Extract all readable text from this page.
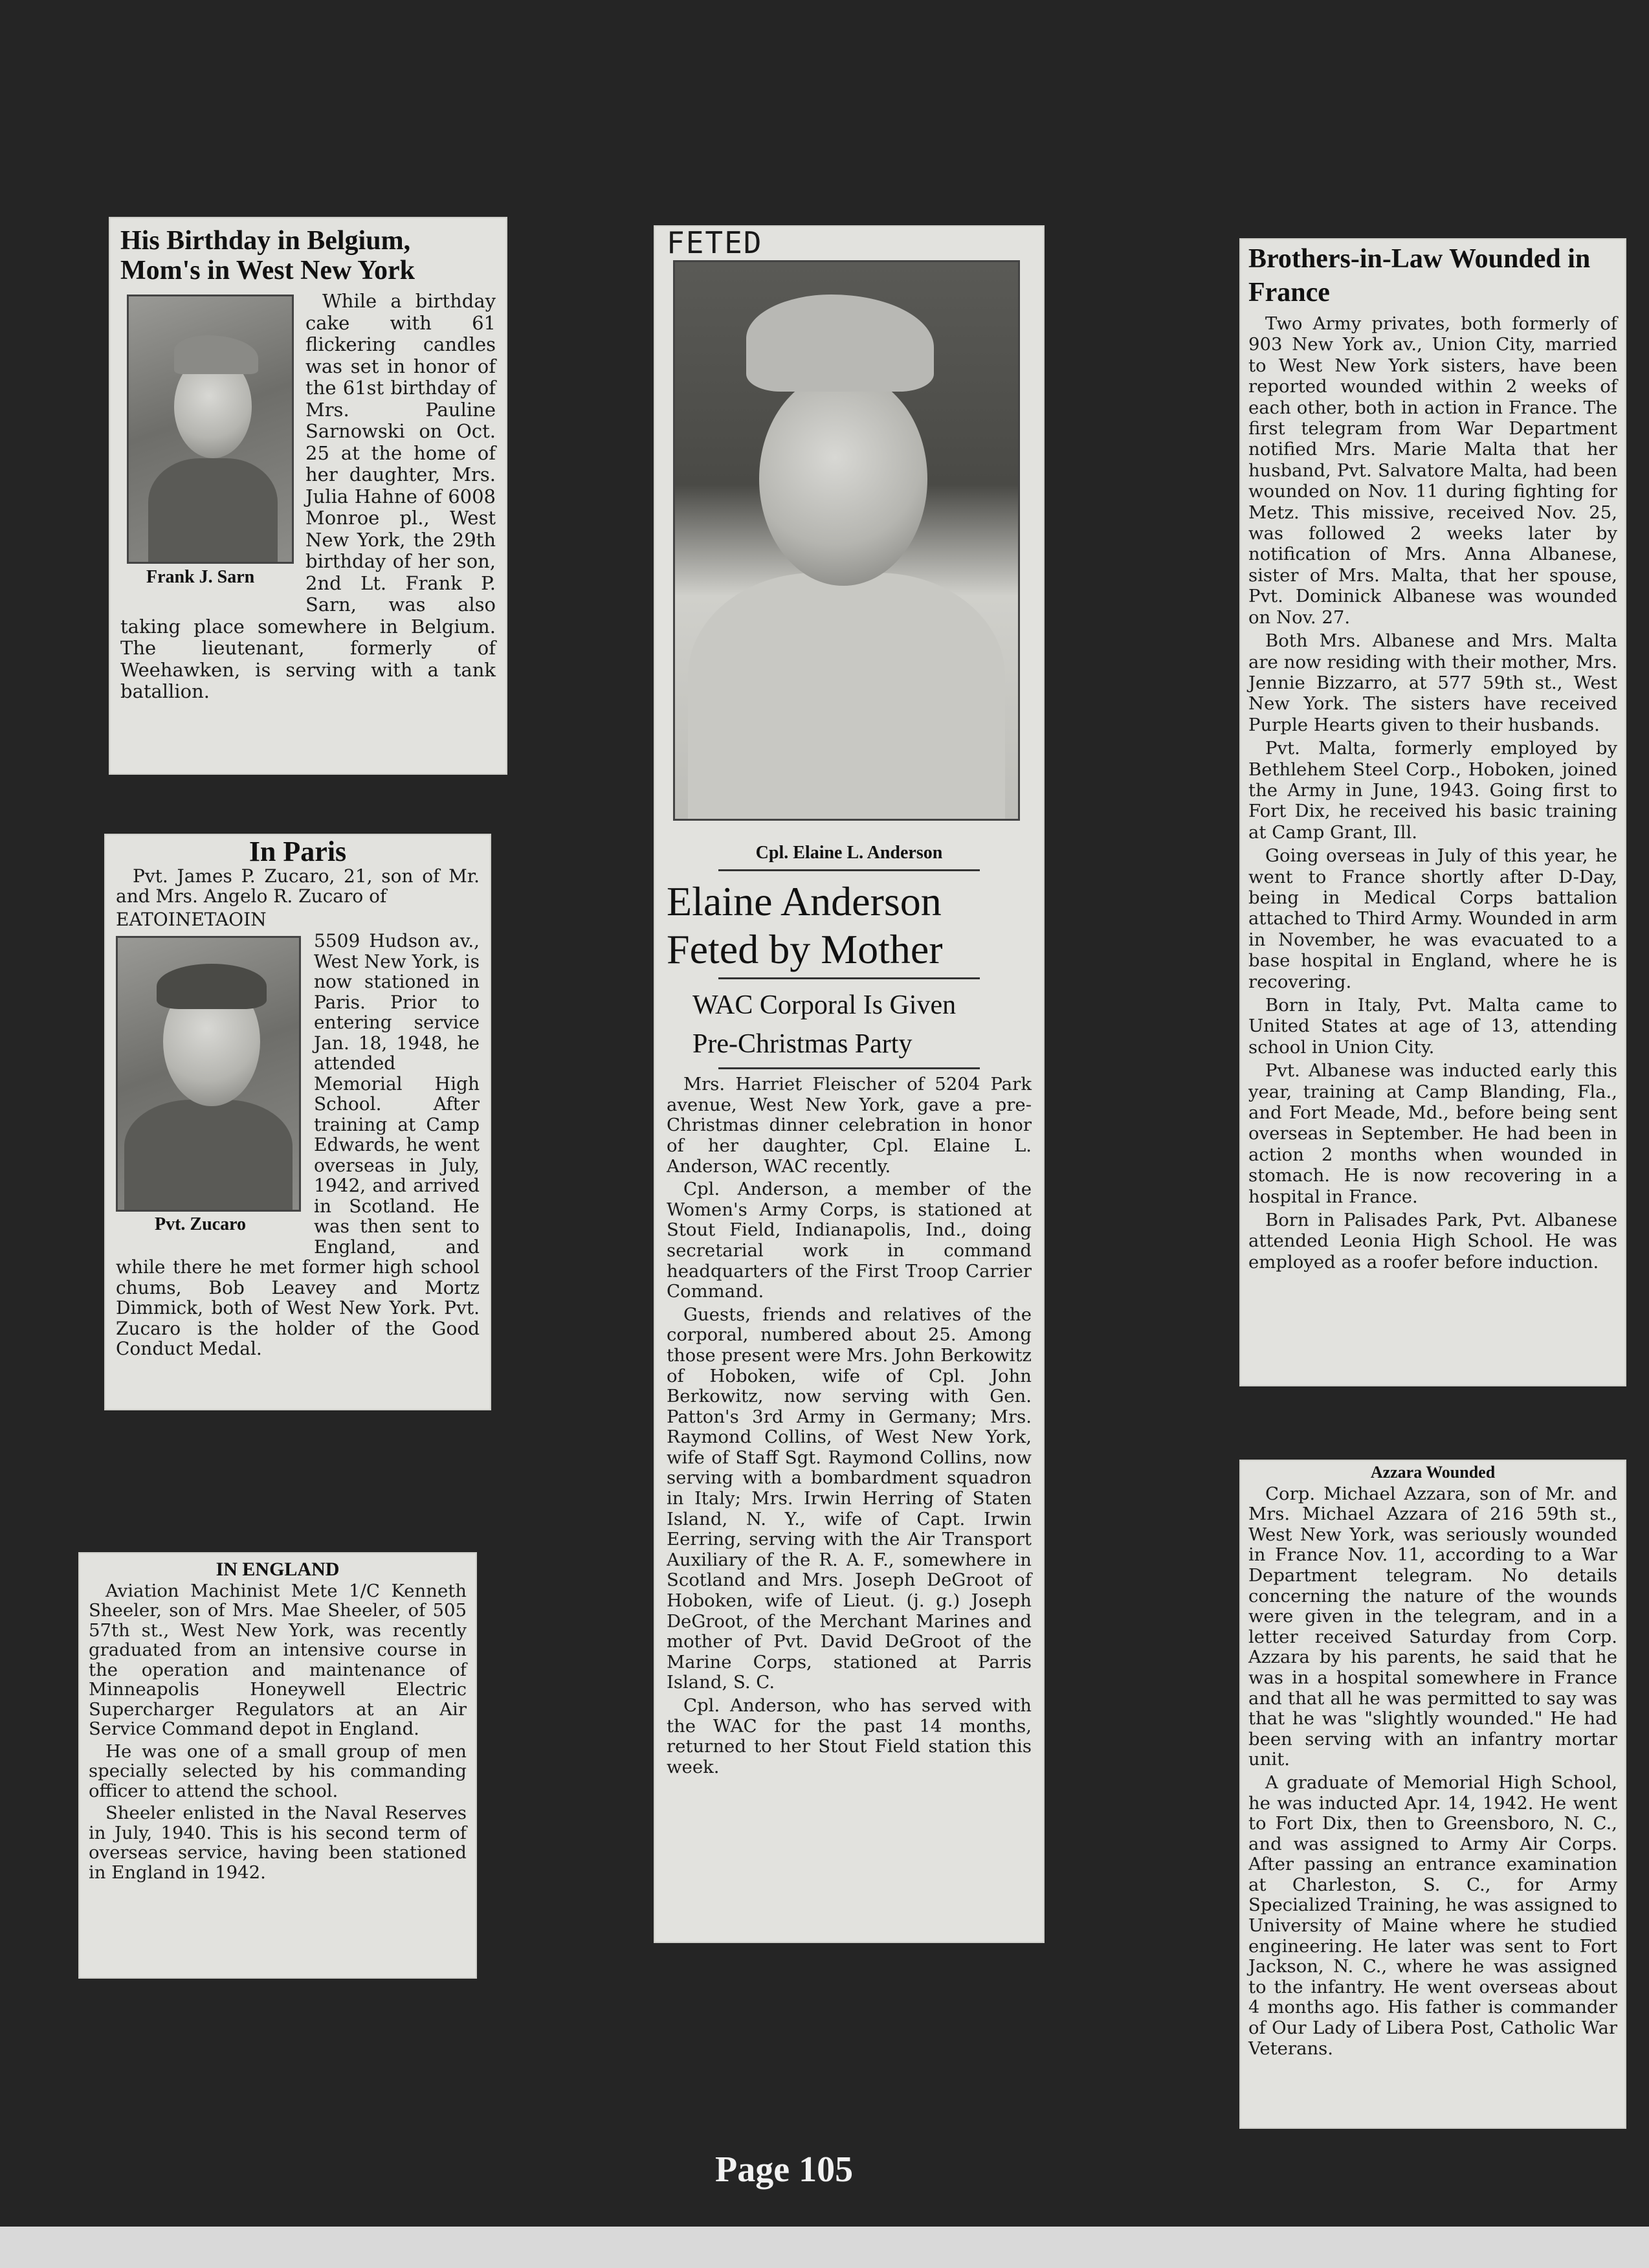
His Birthday in Belgium, Mom's in West New York
Frank J. Sarn

While a birthday cake with 61 flickering candles was set in honor of the 61st birthday of Mrs. Pauline Sarnowski on Oct. 25 at the home of her daughter, Mrs. Julia Hahne of 6008 Monroe pl., West New York, the 29th birthday of her son, 2nd Lt. Frank P. Sarn, was also taking place somewhere in Belgium. The lieutenant, formerly of Weehawken, is serving with a tank batallion.

In Paris

Pvt. James P. Zucaro, 21, son of Mr. and Mrs. Angelo R. Zucaro of

EATOINETAOIN
Pvt. Zucaro

5509 Hudson av., West New York, is now stationed in Paris. Prior to entering service Jan. 18, 1948, he attended Memorial High School. After training at Camp Edwards, he went overseas in July, 1942, and arrived in Scotland. He was then sent to England, and while there he met former high school chums, Bob Leavey and Mortz Dimmick, both of West New York. Pvt. Zucaro is the holder of the Good Conduct Medal.

IN ENGLAND

Aviation Machinist Mete 1/C Kenneth Sheeler, son of Mrs. Mae Sheeler, of 505 57th st., West New York, was recently graduated from an intensive course in the operation and maintenance of Minneapolis Honeywell Electric Supercharger Regulators at an Air Service Command depot in England.

He was one of a small group of men specially selected by his commanding officer to attend the school.

Sheeler enlisted in the Naval Reserves in July, 1940. This is his second term of overseas service, having been stationed in England in 1942.

FETED
Cpl. Elaine L. Anderson
Elaine Anderson Feted by Mother
WAC Corporal Is Given Pre-Christmas Party

Mrs. Harriet Fleischer of 5204 Park avenue, West New York, gave a pre-Christmas dinner celebration in honor of her daughter, Cpl. Elaine L. Anderson, WAC recently.

Cpl. Anderson, a member of the Women's Army Corps, is stationed at Stout Field, Indianapolis, Ind., doing secretarial work in command headquarters of the First Troop Carrier Command.

Guests, friends and relatives of the corporal, numbered about 25. Among those present were Mrs. John Berkowitz of Hoboken, wife of Cpl. John Berkowitz, now serving with Gen. Patton's 3rd Army in Germany; Mrs. Raymond Collins, of West New York, wife of Staff Sgt. Raymond Collins, now serving with a bombardment squadron in Italy; Mrs. Irwin Herring of Staten Island, N. Y., wife of Capt. Irwin Eerring, serving with the Air Transport Auxiliary of the R. A. F., somewhere in Scotland and Mrs. Joseph DeGroot of Hoboken, wife of Lieut. (j. g.) Joseph DeGroot, of the Merchant Marines and mother of Pvt. David DeGroot of the Marine Corps, stationed at Parris Island, S. C.

Cpl. Anderson, who has served with the WAC for the past 14 months, returned to her Stout Field station this week.

Brothers-in-Law Wounded in France

Two Army privates, both formerly of 903 New York av., Union City, married to West New York sisters, have been reported wounded within 2 weeks of each other, both in action in France. The first telegram from War Department notified Mrs. Marie Malta that her husband, Pvt. Salvatore Malta, had been wounded on Nov. 11 during fighting for Metz. This missive, received Nov. 25, was followed 2 weeks later by notification of Mrs. Anna Albanese, sister of Mrs. Malta, that her spouse, Pvt. Dominick Albanese was wounded on Nov. 27.

Both Mrs. Albanese and Mrs. Malta are now residing with their mother, Mrs. Jennie Bizzarro, at 577 59th st., West New York. The sisters have received Purple Hearts given to their husbands.

Pvt. Malta, formerly employed by Bethlehem Steel Corp., Hoboken, joined the Army in June, 1943. Going first to Fort Dix, he received his basic training at Camp Grant, Ill.

Going overseas in July of this year, he went to France shortly after D-Day, being in Medical Corps battalion attached to Third Army. Wounded in arm in November, he was evacuated to a base hospital in England, where he is recovering.

Born in Italy, Pvt. Malta came to United States at age of 13, attending school in Union City.

Pvt. Albanese was inducted early this year, training at Camp Blanding, Fla., and Fort Meade, Md., before being sent overseas in September. He had been in action 2 months when wounded in stomach. He is now recovering in a hospital in France.

Born in Palisades Park, Pvt. Albanese attended Leonia High School. He was employed as a roofer before induction.

Azzara Wounded

Corp. Michael Azzara, son of Mr. and Mrs. Michael Azzara of 216 59th st., West New York, was seriously wounded in France Nov. 11, according to a War Department telegram. No details concerning the nature of the wounds were given in the telegram, and in a letter received Saturday from Corp. Azzara by his parents, he said that he was in a hospital somewhere in France and that all he was permitted to say was that he was "slightly wounded." He had been serving with an infantry mortar unit.

A graduate of Memorial High School, he was inducted Apr. 14, 1942. He went to Fort Dix, then to Greensboro, N. C., and was assigned to Army Air Corps. After passing an entrance examination at Charleston, S. C., for Army Specialized Training, he was assigned to University of Maine where he studied engineering. He later was sent to Fort Jackson, N. C., where he was assigned to the infantry. He went overseas about 4 months ago. His father is commander of Our Lady of Libera Post, Catholic War Veterans.

Page 105
